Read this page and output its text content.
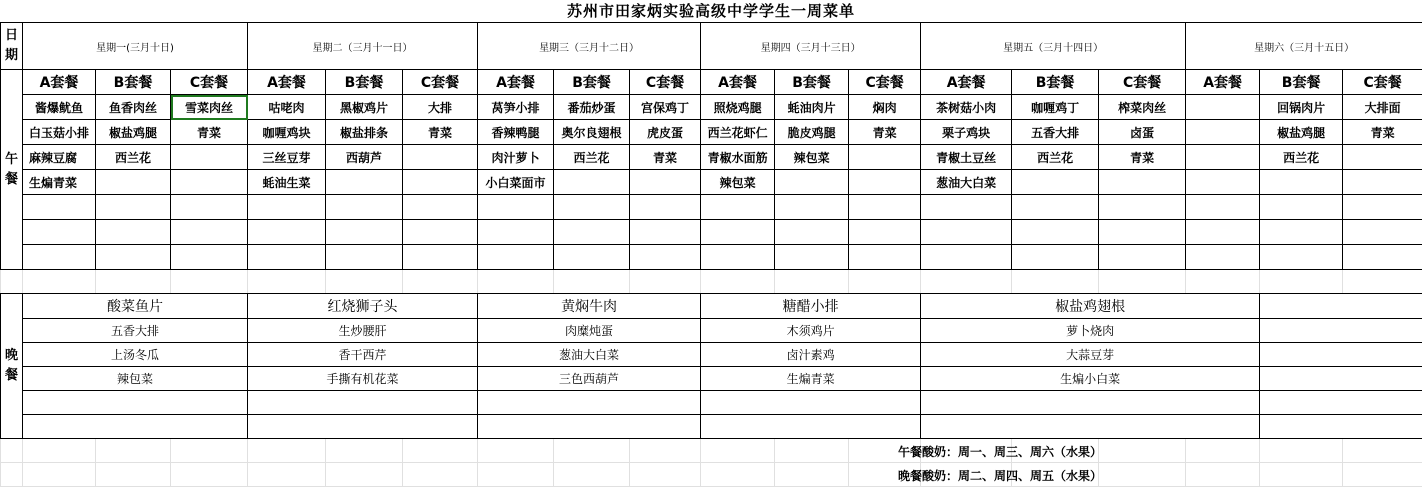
苏州市田家炳实验高级中学学生一周菜单
日
期	星期一(三月十日)			星期二（三月十一日）			星期三（三月十二日）			星期四（三月十三日）			星期五（三月十四日）			星期六（三月十五日）		

午
餐	A套餐	B套餐	C套餐	A套餐	B套餐	C套餐	A套餐	B套餐	C套餐	A套餐	B套餐	C套餐	A套餐	B套餐	C套餐	A套餐	B套餐	C套餐
	酱爆鱿鱼	鱼香肉丝	雪菜肉丝	咕咾肉	黑椒鸡片	大排	莴笋小排	番茄炒蛋	宫保鸡丁	照烧鸡腿	蚝油肉片	焖肉	茶树菇小肉	咖喱鸡丁	榨菜肉丝		回锅肉片	大排面
	白玉菇小排	椒盐鸡腿	青菜	咖喱鸡块	椒盐排条	青菜	香辣鸭腿	奥尔良翅根	虎皮蛋	西兰花虾仁	脆皮鸡腿	青菜	栗子鸡块	五香大排	卤蛋		椒盐鸡腿	青菜
	麻辣豆腐	西兰花		三丝豆芽	西葫芦		肉汁萝卜	西兰花	青菜	青椒水面筋	辣包菜		青椒土豆丝	西兰花	青菜		西兰花	
	生煸青菜			蚝油生菜			小白菜面市			辣包菜			葱油大白菜					

晚
餐	酸菜鱼片			红烧狮子头			黄焖牛肉			糖醋小排			椒盐鸡翅根					
	五香大排			生炒腰肝			肉糜炖蛋			木须鸡片			萝卜烧肉					
	上汤冬瓜			香干西芹			葱油大白菜			卤汁素鸡			大蒜豆芽					
	辣包菜			手撕有机花菜			三色西葫芦			生煸青菜			生煸小白菜					

午餐酸奶：周一、周三、周六（水果）
晚餐酸奶：周二、周四、周五（水果）
